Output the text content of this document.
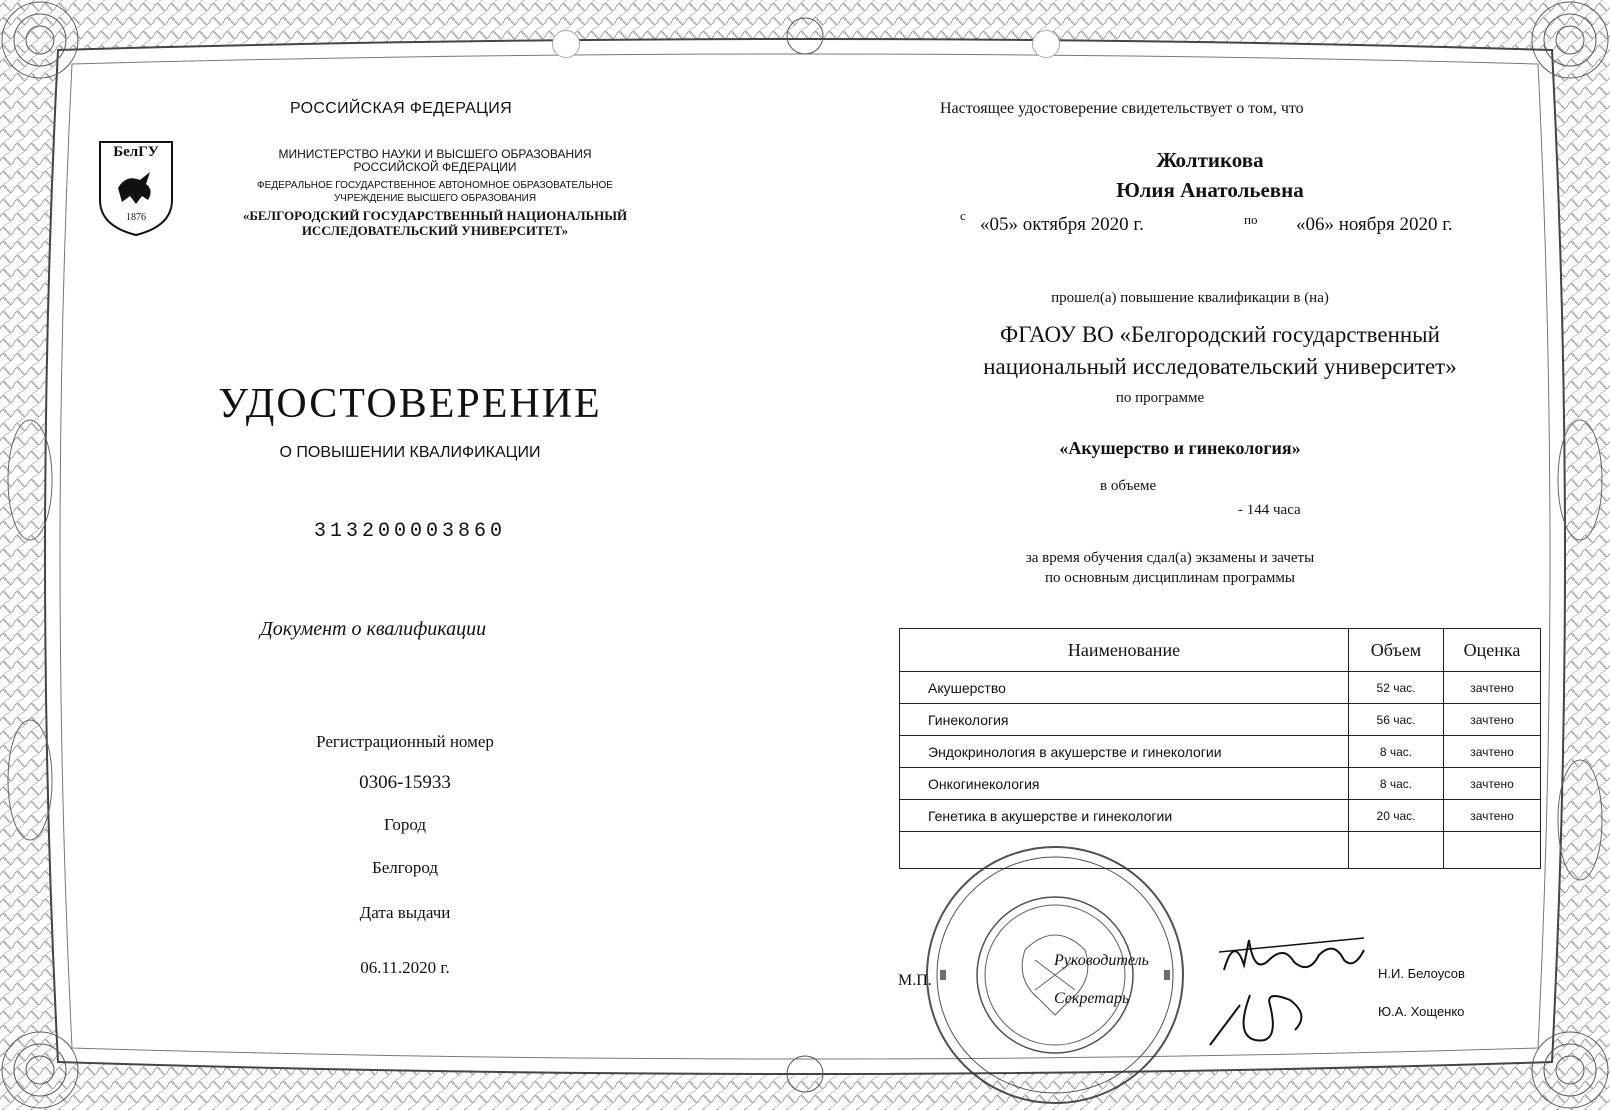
РОССИЙСКАЯ ФЕДЕРАЦИЯ
БелГУ
1876
МИНИСТЕРСТВО НАУКИ И ВЫСШЕГО ОБРАЗОВАНИЯ
РОССИЙСКОЙ ФЕДЕРАЦИИ
ФЕДЕРАЛЬНОЕ ГОСУДАРСТВЕННОЕ АВТОНОМНОЕ ОБРАЗОВАТЕЛЬНОЕ
УЧРЕЖДЕНИЕ ВЫСШЕГО ОБРАЗОВАНИЯ
«БЕЛГОРОДСКИЙ ГОСУДАРСТВЕННЫЙ НАЦИОНАЛЬНЫЙ
ИССЛЕДОВАТЕЛЬСКИЙ УНИВЕРСИТЕТ»
УДОСТОВЕРЕНИЕ
О ПОВЫШЕНИИ КВАЛИФИКАЦИИ
313200003860
Документ о квалификации
Регистрационный номер
0306-15933
Город
Белгород
Дата выдачи
06.11.2020 г.
Настоящее удостоверение свидетельствует о том, что
Жолтикова
Юлия Анатольевна
с «05» октября 2020 г.	по «06» ноября 2020 г.
прошел(а) повышение квалификации в (на)
ФГАОУ ВО «Белгородский государственный
национальный исследовательский университет»
по программе
«Акушерство и гинекология»
в объеме
- 144 часа
за время обучения сдал(а) экзамены и зачеты
по основным дисциплинам программы
Наименование	Объем	Оценка
Акушерство	52 час.	зачтено
Гинекология	56 час.	зачтено
Эндокринология в акушерстве и гинекологии	8 час.	зачтено
Онкогинекология	8 час.	зачтено
Генетика в акушерстве и гинекологии	20 час.	зачтено

М.П.
Руководитель
Секретарь
Н.И. Белоусов
Ю.А. Хощенко
